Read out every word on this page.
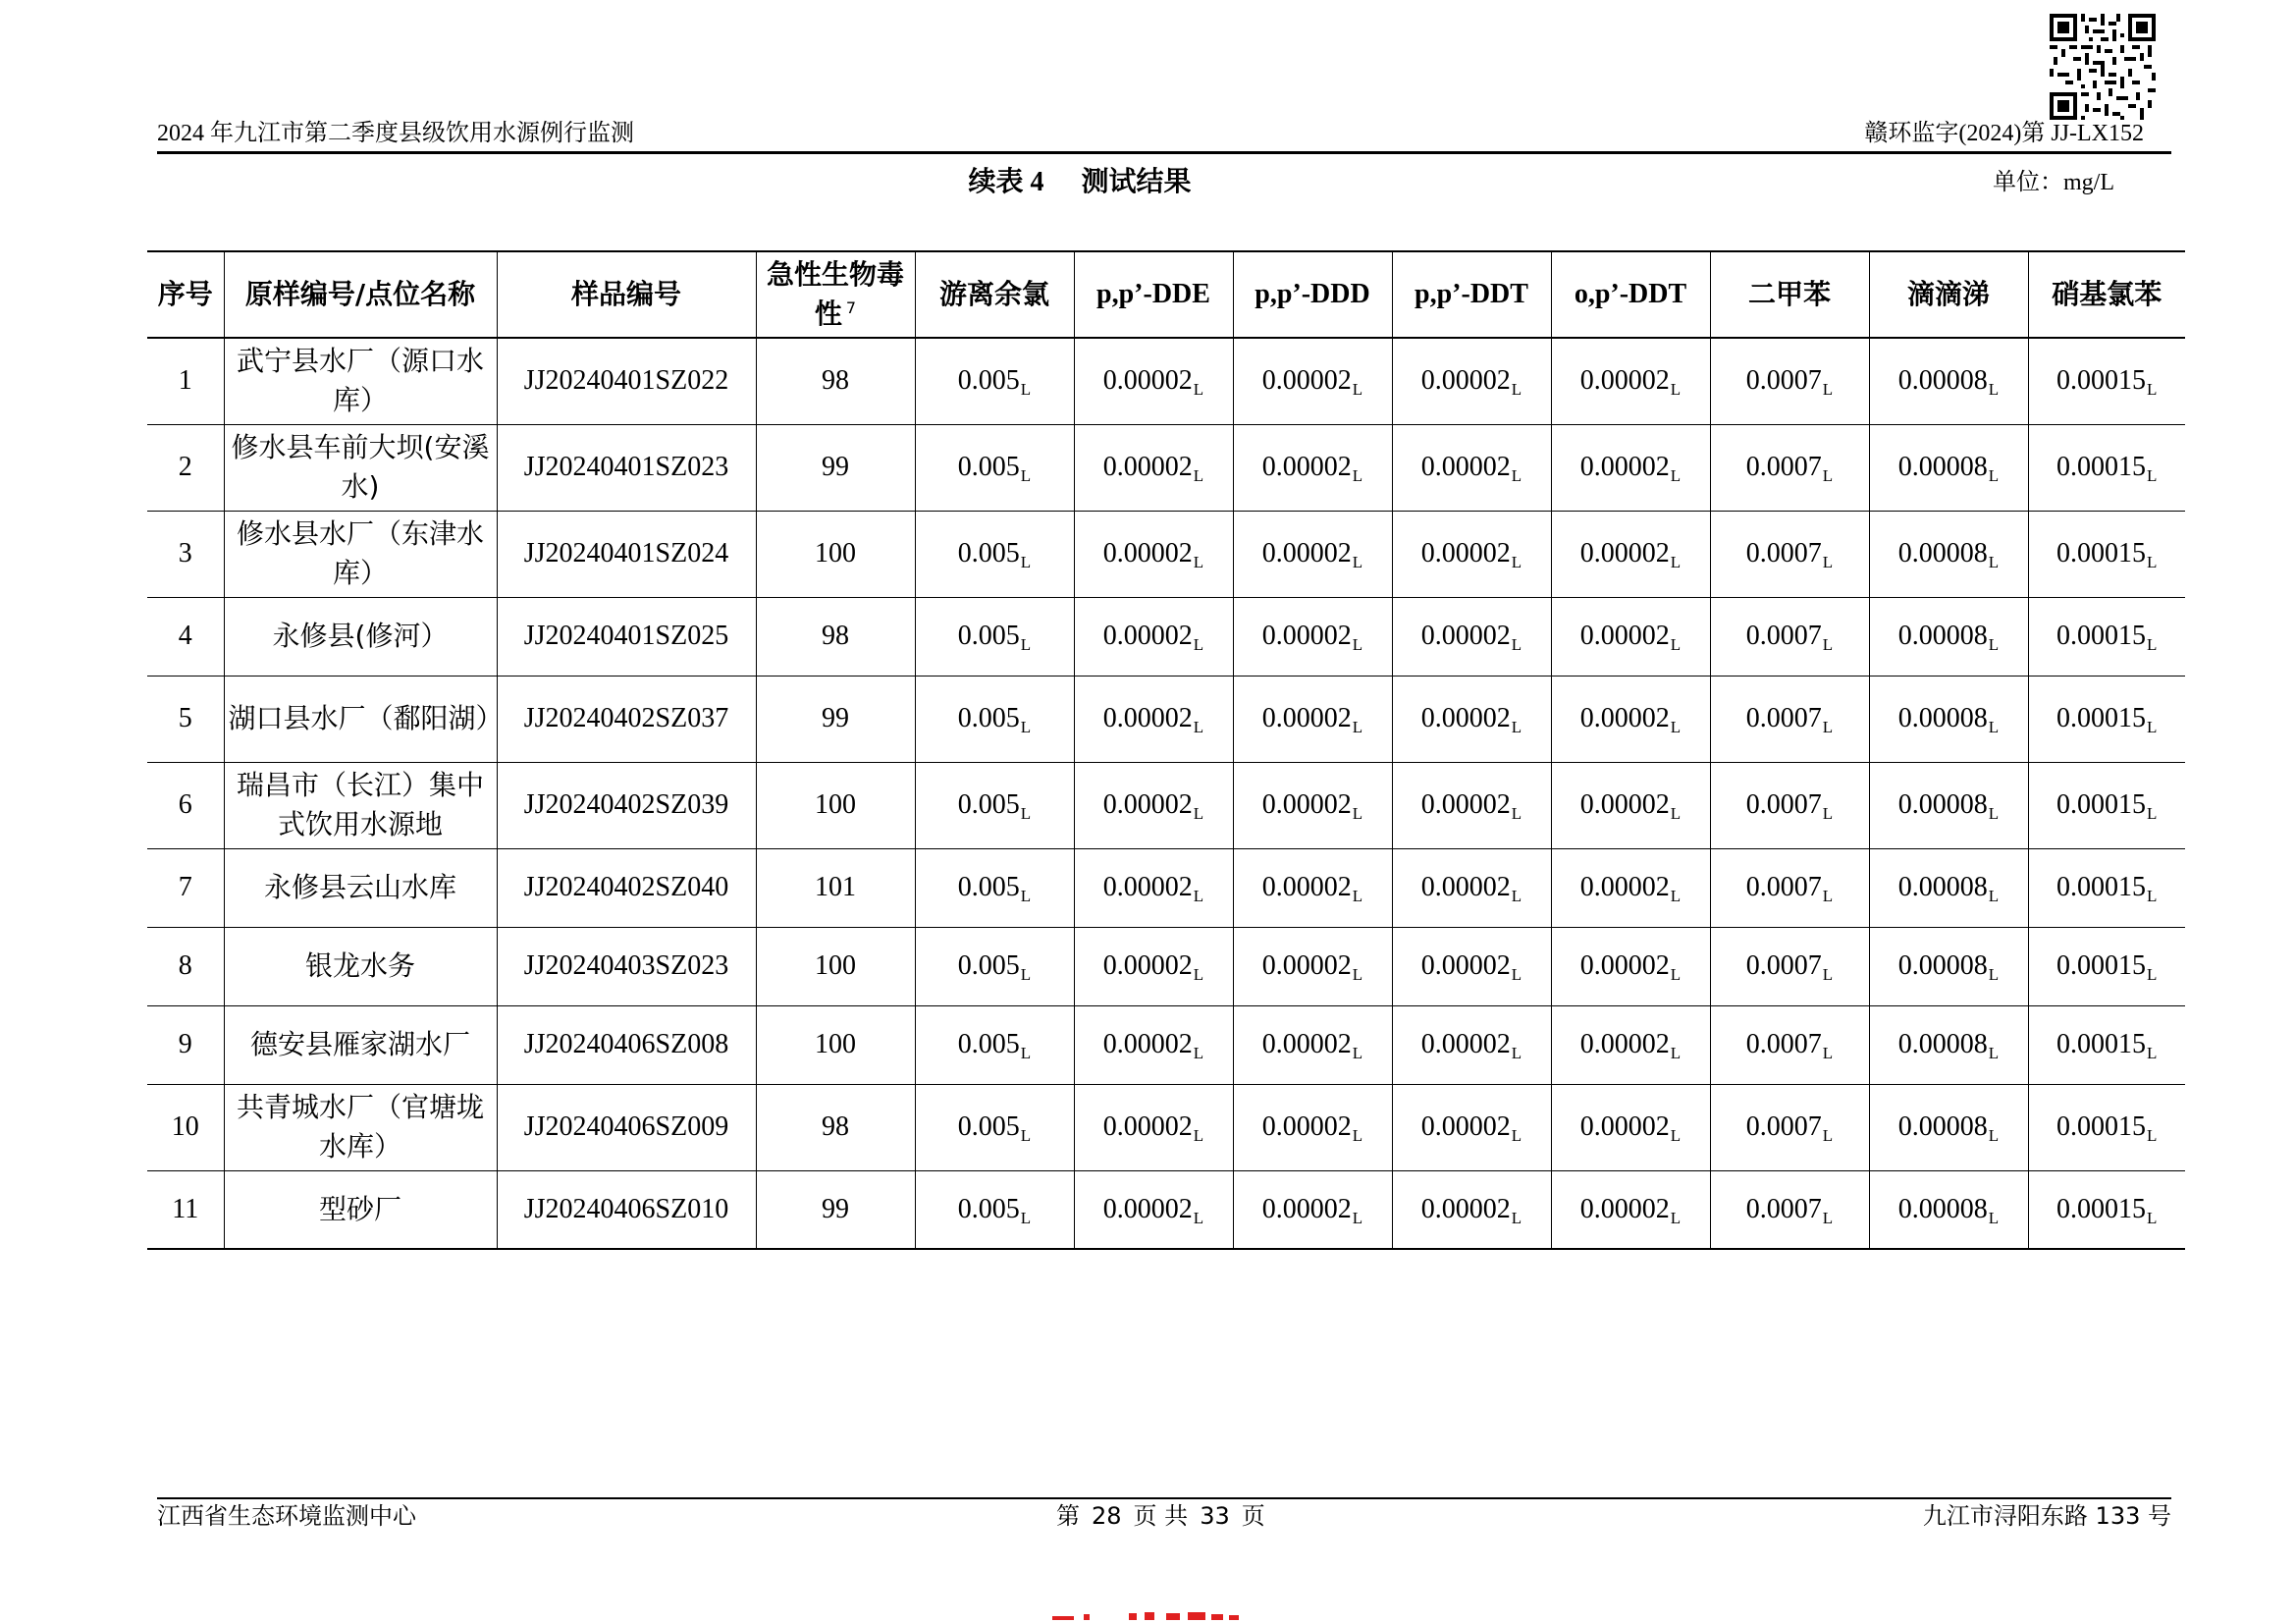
2024 年九江市第二季度县级饮用水源例行监测	赣环监字(2024)第 JJ-LX152
续表 4 测试结果	单位：mg/L
序号	原样编号/点位名称	样品编号	急性生物毒性 $^7$	游离余氯	p,p’-DDE	p,p’-DDD	p,p’-DDT	o,p’-DDT	二甲苯	滴滴涕	硝基氯苯
1	武宁县水厂（源口水库）	JJ20240401SZ022	98	$0.005_L$	$0.00002_L$	$0.00002_L$	$0.00002_L$	$0.00002_L$	$0.0007_L$	$0.00008_L$	$0.00015_L$
2	修水县车前大坝(安溪水)	JJ20240401SZ023	99	$0.005_L$	$0.00002_L$	$0.00002_L$	$0.00002_L$	$0.00002_L$	$0.0007_L$	$0.00008_L$	$0.00015_L$
3	修水县水厂（东津水库）	JJ20240401SZ024	100	$0.005_L$	$0.00002_L$	$0.00002_L$	$0.00002_L$	$0.00002_L$	$0.0007_L$	$0.00008_L$	$0.00015_L$
4	永修县(修河）	JJ20240401SZ025	98	$0.005_L$	$0.00002_L$	$0.00002_L$	$0.00002_L$	$0.00002_L$	$0.0007_L$	$0.00008_L$	$0.00015_L$
5	湖口县水厂（鄱阳湖）	JJ20240402SZ037	99	$0.005_L$	$0.00002_L$	$0.00002_L$	$0.00002_L$	$0.00002_L$	$0.0007_L$	$0.00008_L$	$0.00015_L$
6	瑞昌市（长江）集中式饮用水源地	JJ20240402SZ039	100	$0.005_L$	$0.00002_L$	$0.00002_L$	$0.00002_L$	$0.00002_L$	$0.0007_L$	$0.00008_L$	$0.00015_L$
7	永修县云山水库	JJ20240402SZ040	101	$0.005_L$	$0.00002_L$	$0.00002_L$	$0.00002_L$	$0.00002_L$	$0.0007_L$	$0.00008_L$	$0.00015_L$
8	银龙水务	JJ20240403SZ023	100	$0.005_L$	$0.00002_L$	$0.00002_L$	$0.00002_L$	$0.00002_L$	$0.0007_L$	$0.00008_L$	$0.00015_L$
9	德安县雁家湖水厂	JJ20240406SZ008	100	$0.005_L$	$0.00002_L$	$0.00002_L$	$0.00002_L$	$0.00002_L$	$0.0007_L$	$0.00008_L$	$0.00015_L$
10	共青城水厂（官塘垅水库）	JJ20240406SZ009	98	$0.005_L$	$0.00002_L$	$0.00002_L$	$0.00002_L$	$0.00002_L$	$0.0007_L$	$0.00008_L$	$0.00015_L$
11	型砂厂	JJ20240406SZ010	99	$0.005_L$	$0.00002_L$	$0.00002_L$	$0.00002_L$	$0.00002_L$	$0.0007_L$	$0.00008_L$	$0.00015_L$
江西省生态环境监测中心	第 28 页 共 33 页	九江市浔阳东路 133 号
